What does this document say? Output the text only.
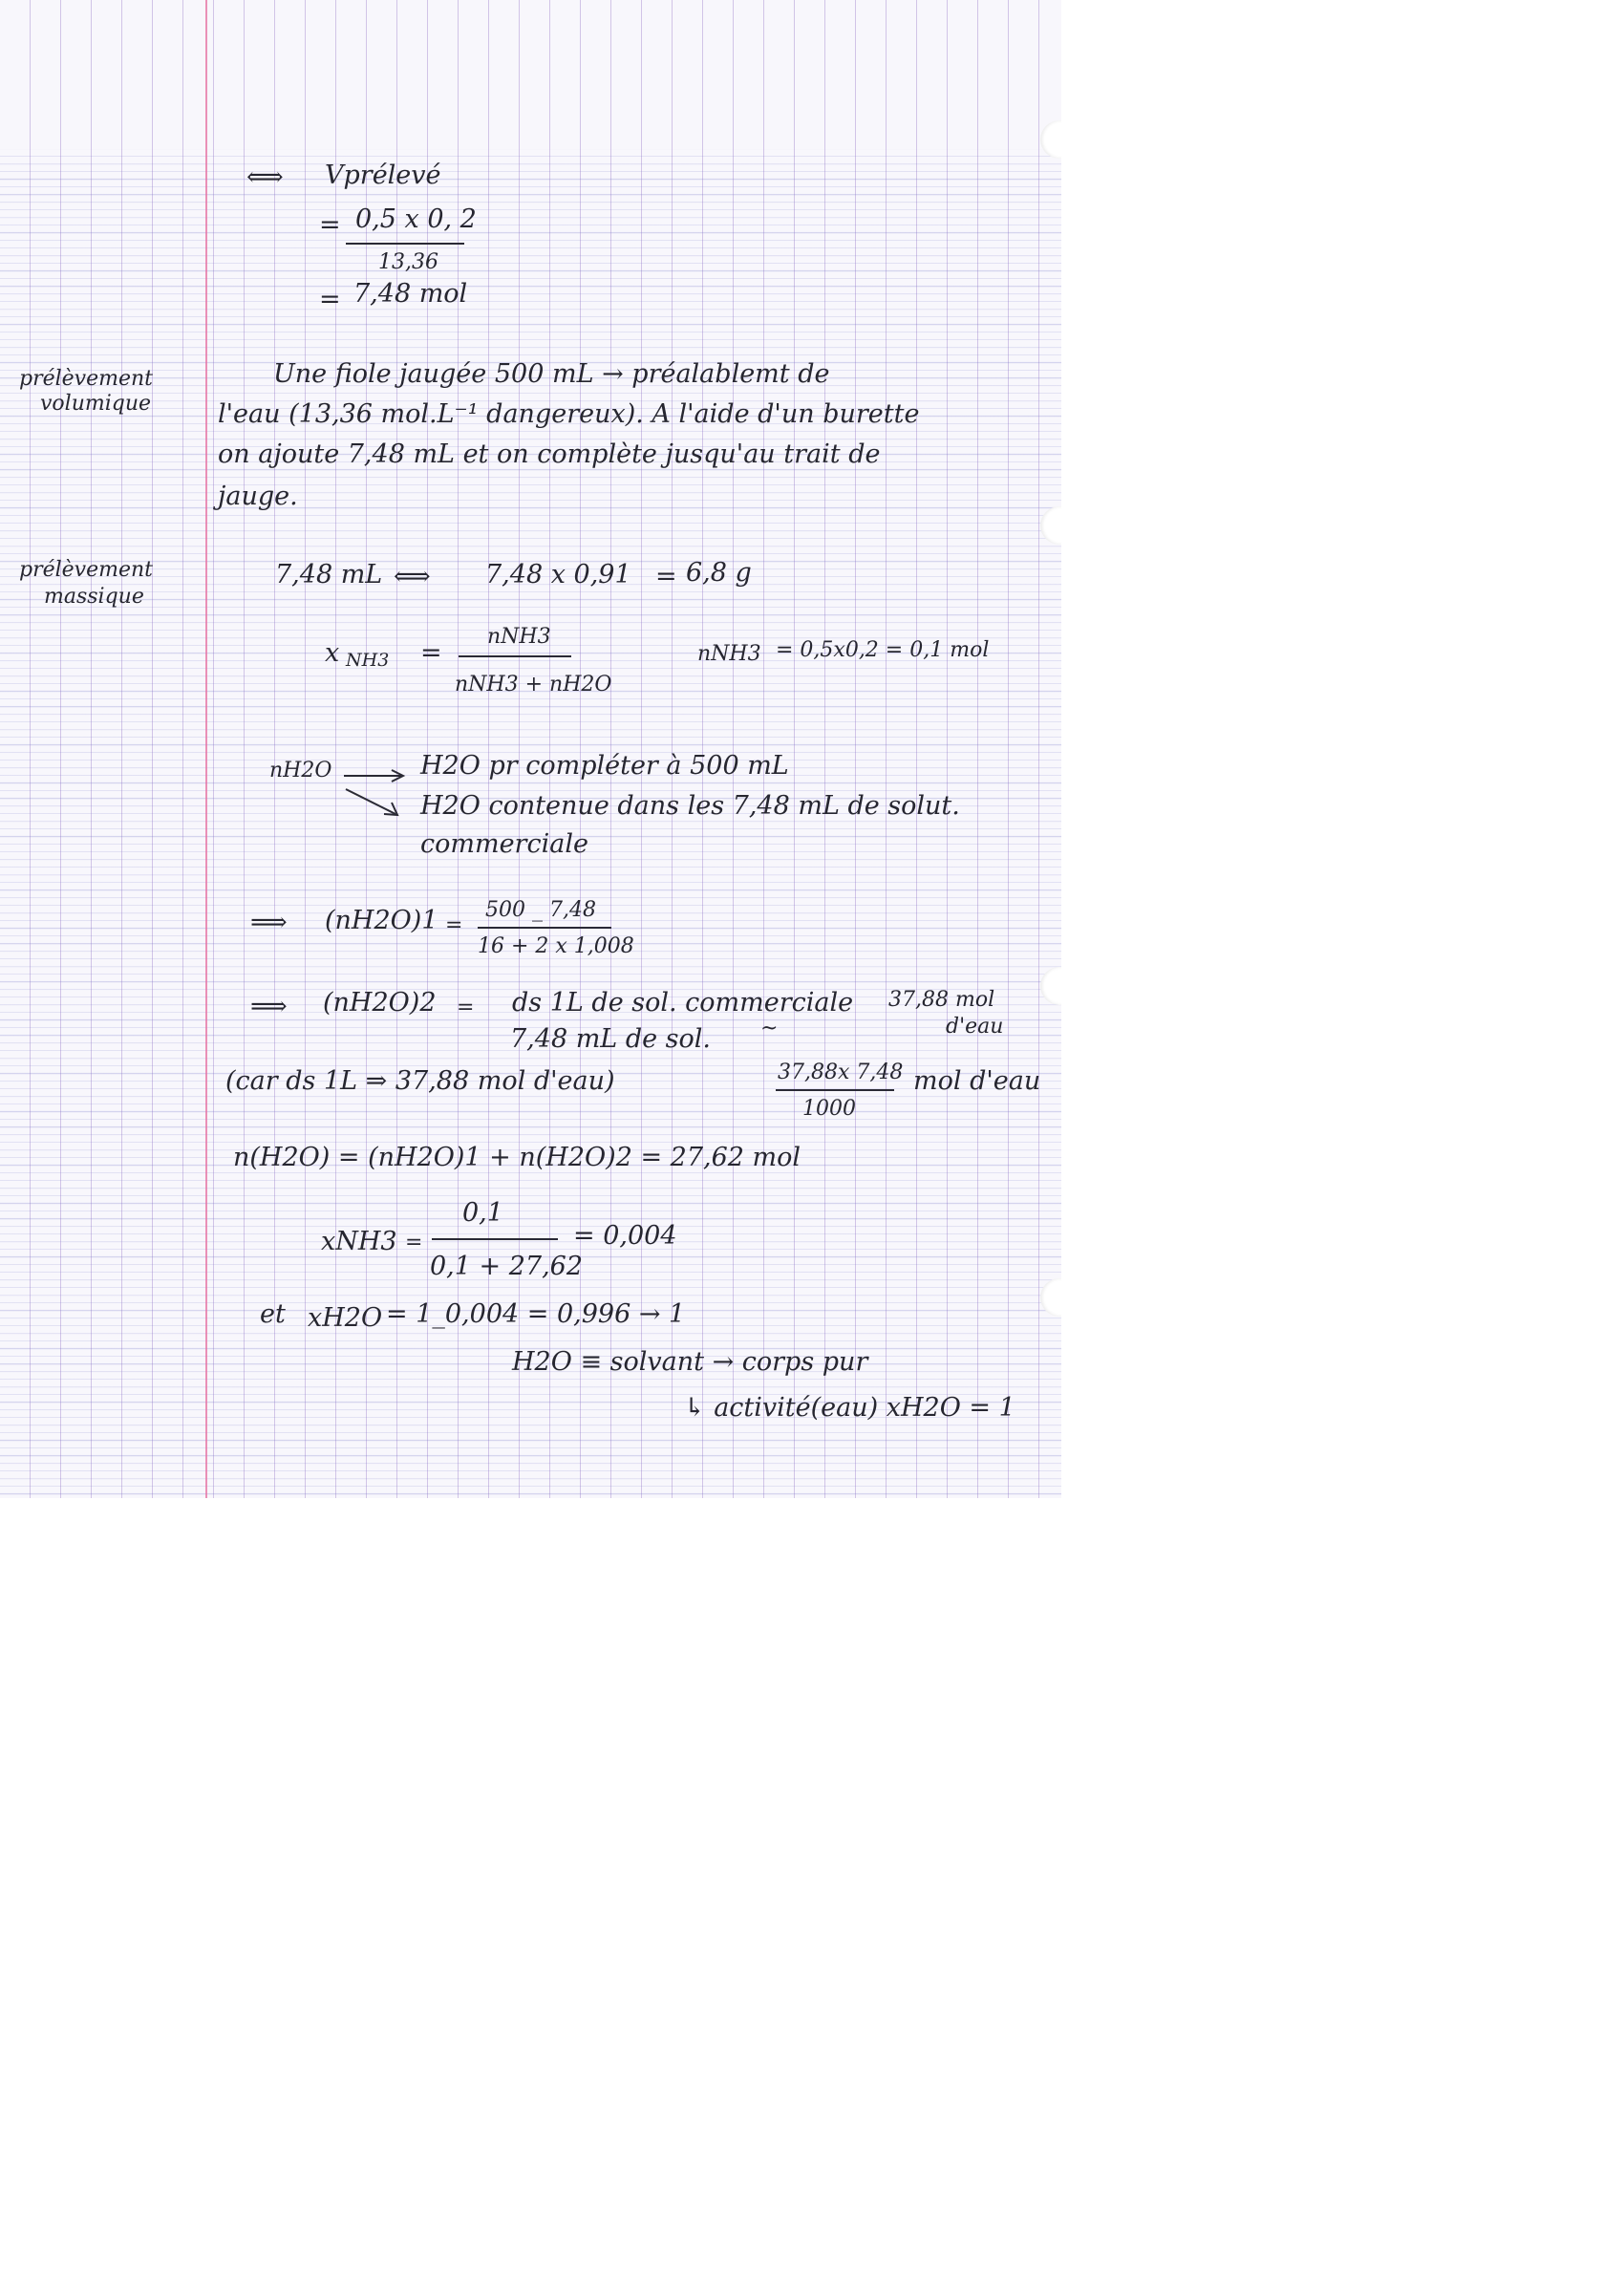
⟺ Vprélevé
= 0,5 x 0, 2
13,36
= 7,48 mol
prélèvement
volumique
Une fiole jaugée 500 mL → préalablemt de
l'eau (13,36 mol.L⁻¹ dangereux). A l'aide d'un burette
on ajoute 7,48 mL et on complète jusqu'au trait de
jauge.
prélèvement
massique
7,48 mL ⟺ 7,48 x 0,91 = 6,8 g
x NH3 =
nNH3
nNH3 + nH2O
nNH3 = 0,5x0,2 = 0,1 mol
nH2O	H2O pr compléter à 500 mL
H2O contenue dans les 7,48 mL de solut.
commerciale
⟹ (nH2O)1 =
500 _ 7,48
16 + 2 x 1,008
⟹ (nH2O)2 = ds 1L de sol. commerciale 37,88 mol
d'eau
7,48 mL de sol. ~
37,88x 7,48
1000
mol d'eau
(car ds 1L ⇒ 37,88 mol d'eau)
n(H2O) = (nH2O)1 + n(H2O)2 = 27,62 mol
xNH3 =
0,1
0,1 + 27,62
= 0,004
et xH2O = 1_0,004 = 0,996 → 1
H2O ≡ solvant → corps pur
↳ activité(eau) xH2O = 1
